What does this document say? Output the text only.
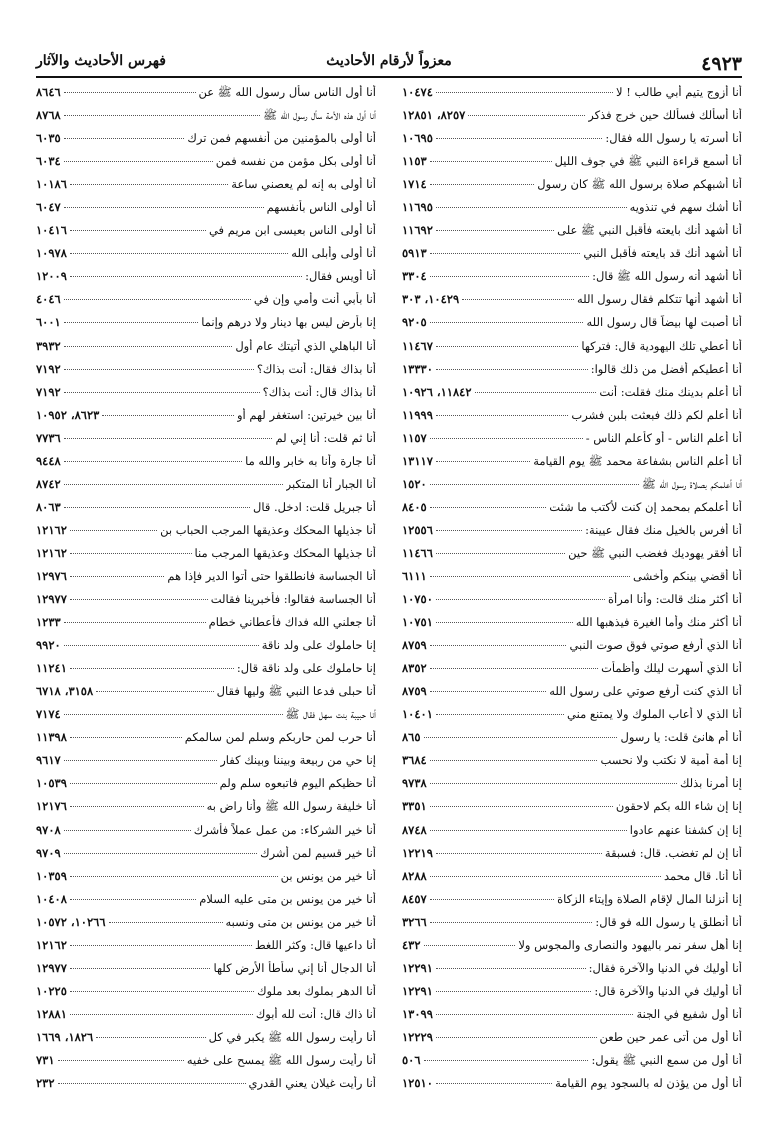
٤٩٢٣
معزواً لأرقام الأحاديث
فهرس الأحاديث والآثار
أنا أزوج يتيم أبي طالب ! لا
١٠٤٧٤
أنا أسألك فسألك حين خرج فذكر
٨٢٥٧، ١٢٨٥١
أنا أسرته يا رسول الله فقال:
١٠٦٩٥
أنا أسمع قراءة النبي ﷺ في جوف الليل
١١٥٣
أنا أشبهكم صلاة برسول الله ﷺ كان رسول
١٧١٤
أنا أشك سهم في تنذويه
١١٦٩٥
أنا أشهد أنك بايعته فأقبل النبي ﷺ على
١١٦٩٢
أنا أشهد أنك قد بايعته فأقبل النبي
٥٩١٣
أنا أشهد أنه رسول الله ﷺ قال:
٣٣٠٤
أنا أشهد أنها تتكلم فقال رسول الله
١٠٤٢٩، ٣٠٣
أنا أصبت لها بيضاً قال رسول الله
٩٢٠٥
أنا أعطي تلك اليهودية قال: فتركها
١١٤٦٧
أنا أعطيكم أفضل من ذلك قالوا:
١٣٣٣٠
أنا أعلم بدينك منك فقلت: أنت
١١٨٤٢، ١٠٩٢٦
أنا أعلم لكم ذلك فبعثت بلبن فشرب
١١٩٩٩
أنا أعلم الناس - أو كأعلم الناس -
١١٥٧
أنا أعلم الناس بشفاعة محمد ﷺ يوم القيامة
١٣١١٧
أنا أعلمكم بصلاة رسول الله ﷺ
١٥٢٠
أنا أعلمكم بمحمد إن كنت لأكتب ما شئت
٨٤٠٥
أنا أفرس بالخيل منك فقال عيينة:
١٢٥٥٦
أنا أفقر يهوديك فغضب النبي ﷺ حين
١١٤٦٦
أنا أقضي بينكم وأخشى
٦١١١
أنا أكثر منك قالت: وأنا امرأة
١٠٧٥٠
أنا أكثر منك وأما الغيرة فيذهبها الله
١٠٧٥١
أنا الذي أرفع صوتي فوق صوت النبي
٨٧٥٩
أنا الذي أسهرت ليلك وأظمأت
٨٣٥٢
أنا الذي كنت أرفع صوتي على رسول الله
٨٧٥٩
أنا الذي لا أعاب الملوك ولا يمتنع مني
١٠٤٠١
أنا أم هانئ قلت: يا رسول
٨٦٥
إنا أمة أمية لا نكتب ولا نحسب
٣٦٨٤
إنا أمرنا بذلك
٩٧٣٨
إنا إن شاء الله بكم لاحقون
٣٣٥١
إنا إن كشفنا عنهم عادوا
٨٧٤٨
أنا إن لم تغضب. قال: فسبقة
١٢٢١٩
أنا أنا. قال محمد
٨٢٨٨
إنا أنزلنا المال لإقام الصلاة وإيتاء الزكاة
٨٤٥٧
أنا أنطلق يا رسول الله فو قال:
٣٢٦٦
إنا أهل سفر نمر باليهود والنصارى والمجوس ولا
٤٣٢
أنا أوليك في الدنيا والآخرة فقال:
١٢٢٩١
أنا أوليك في الدنيا والآخرة قال:
١٢٢٩١
أنا أول شفيع في الجنة
١٣٠٩٩
أنا أول من أتى عمر حين طعن
١٢٢٢٩
أنا أول من سمع النبي ﷺ يقول:
٥٠٦
أنا أول من يؤذن له بالسجود يوم القيامة
١٢٥١٠
أنا أول الناس سأل رسول الله ﷺ عن
٨٦٤٦
أنا أول هذه الأمة سأل رسول الله ﷺ
٨٧٦٨
أنا أولى بالمؤمنين من أنفسهم فمن ترك
٦٠٣٥
أنا أولى بكل مؤمن من نفسه فمن
٦٠٣٤
أنا أولى به إنه لم يعصني ساعة
١٠١٨٦
أنا أولى الناس بأنفسهم
٦٠٤٧
أنا أولى الناس بعيسى ابن مريم في
١٠٤١٦
أنا أولى وأبلى الله
١٠٩٧٨
أنا أويس فقال:
١٢٠٠٩
أنا بأبي أنت وأمي وإن في
٤٠٤٦
إنا بأرض ليس بها دينار ولا درهم وإنما
٦٠٠١
أنا الباهلي الذي أتيتك عام أول
٣٩٣٢
أنا بذاك فقال: أنت بذاك؟
٧١٩٢
أنا بذاك قال: أنت بذاك؟
٧١٩٢
أنا بين خيرتين: استغفر لهم أو
٨٦٢٣، ١٠٩٥٢
أنا ثم قلت: أنا إني لم
٧٧٣٦
أنا جارة وأنا به خابر والله ما
٩٤٤٨
أنا الجبار أنا المتكبر
٨٧٤٢
أنا جبريل قلت: ادخل. قال
٨٠٦٣
أنا جذيلها المحكك وعذيقها المرجب الحباب بن
١٢١٦٢
أنا جذيلها المحكك وعذيقها المرجب منا
١٢١٦٢
أنا الجساسة فانطلقوا حتى أتوا الدير فإذا هم
١٢٩٧٦
أنا الجساسة فقالوا: فأخبرينا فقالت
١٢٩٧٧
أنا جعلني الله فداك فأعطاني خطام
١٢٣٣
إنا حاملوك على ولد ناقة
٩٩٢٠
إنا حاملوك على ولد ناقة قال:
١١٢٤١
أنا حبلى فدعا النبي ﷺ وليها فقال
٣١٥٨، ٦٧١٨
أنا حبيبة بنت سهل فقال ﷺ
٧١٧٤
أنا حرب لمن حاربكم وسلم لمن سالمكم
١١٣٩٨
إنا حي من ربيعة وبيننا وبينك كفار
٩٦١٧
أنا حظيكم اليوم فاتبعوه سلم ولم
١٠٥٣٩
أنا خليفة رسول الله ﷺ وأنا راض به
١٢١٧٦
أنا خير الشركاء: من عمل عملاً فأشرك
٩٧٠٨
أنا خير قسيم لمن أشرك
٩٧٠٩
أنا خير من يونس بن
١٠٣٥٩
أنا خير من يونس بن متى عليه السلام
١٠٤٠٨
أنا خير من يونس بن متى ونسبه
١٠٢٦٦، ١٠٥٧٢
أنا داعيها قال: وكثر اللغط
١٢١٦٢
أنا الدجال أنا إني سأطأ الأرض كلها
١٢٩٧٧
أنا الدهر بملوك بعد ملوك
١٠٢٢٥
أنا ذاك قال: أنت لله أبوك
١٢٨٨١
أنا رأيت رسول الله ﷺ يكبر في كل
١٨٢٦، ١٦٦٩
أنا رأيت رسول الله ﷺ يمسح على خفيه
٧٣١
أنا رأيت غيلان يعني القدري
٢٣٢
